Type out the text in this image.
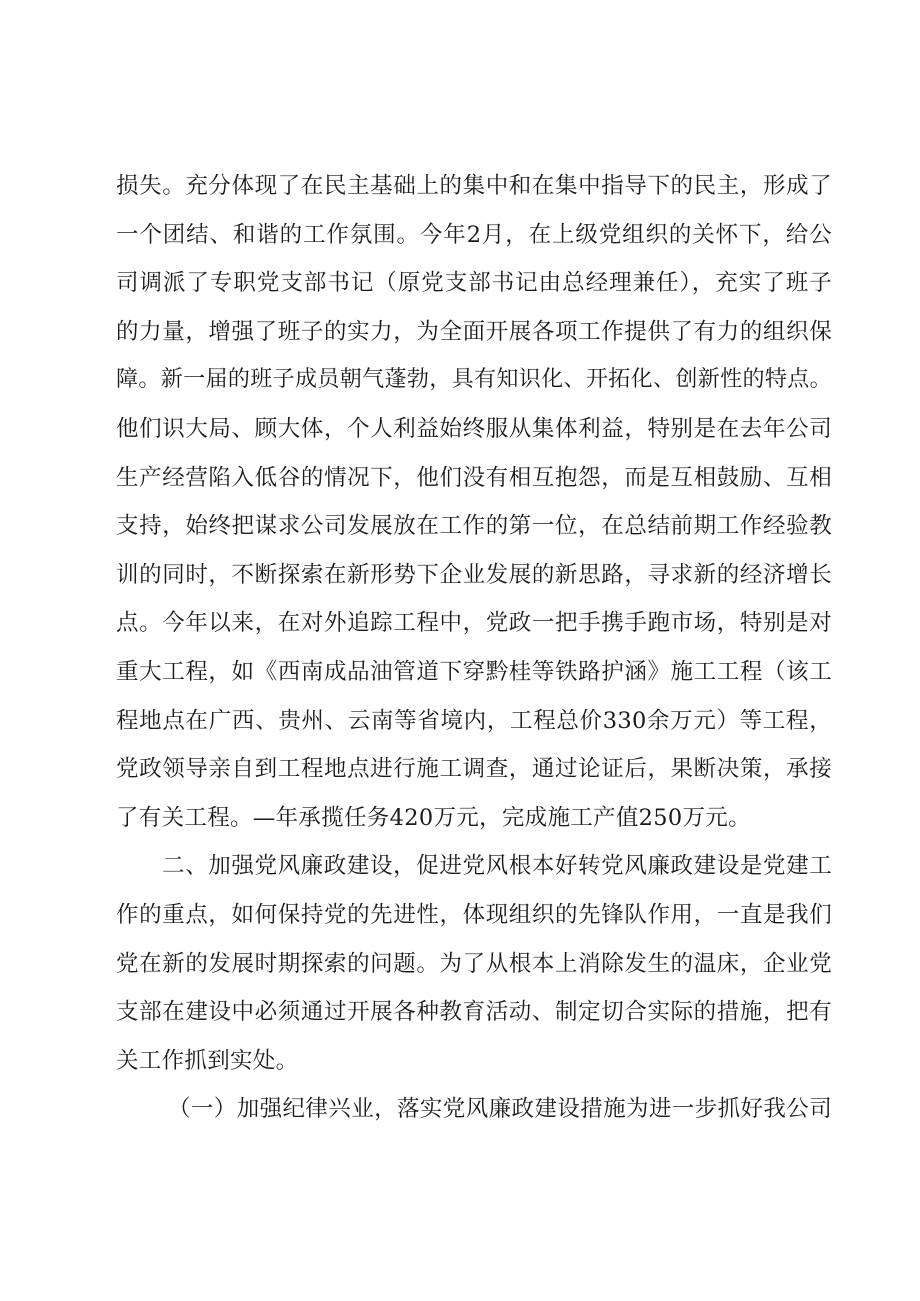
损失。充分体现了在民主基础上的集中和在集中指导下的民主，形成了
一个团结、和谐的工作氛围。今年2月，在上级党组织的关怀下，给公
司调派了专职党支部书记（原党支部书记由总经理兼任），充实了班子
的力量，增强了班子的实力，为全面开展各项工作提供了有力的组织保
障。新一届的班子成员朝气蓬勃，具有知识化、开拓化、创新性的特点。
他们识大局、顾大体，个人利益始终服从集体利益，特别是在去年公司
生产经营陷入低谷的情况下，他们没有相互抱怨，而是互相鼓励、互相
支持，始终把谋求公司发展放在工作的第一位，在总结前期工作经验教
训的同时，不断探索在新形势下企业发展的新思路，寻求新的经济增长
点。今年以来，在对外追踪工程中，党政一把手携手跑市场，特别是对
重大工程，如《西南成品油管道下穿黔桂等铁路护涵》施工工程（该工
程地点在广西、贵州、云南等省境内，工程总价330余万元）等工程，
党政领导亲自到工程地点进行施工调查，通过论证后，果断决策，承接
了有关工程。—年承揽任务420万元，完成施工产值250万元。
二、加强党风廉政建设，促进党风根本好转党风廉政建设是党建工
作的重点，如何保持党的先进性，体现组织的先锋队作用，一直是我们
党在新的发展时期探索的问题。为了从根本上消除发生的温床，企业党
支部在建设中必须通过开展各种教育活动、制定切合实际的措施，把有
关工作抓到实处。
（一）加强纪律兴业，落实党风廉政建设措施为进一步抓好我公司
